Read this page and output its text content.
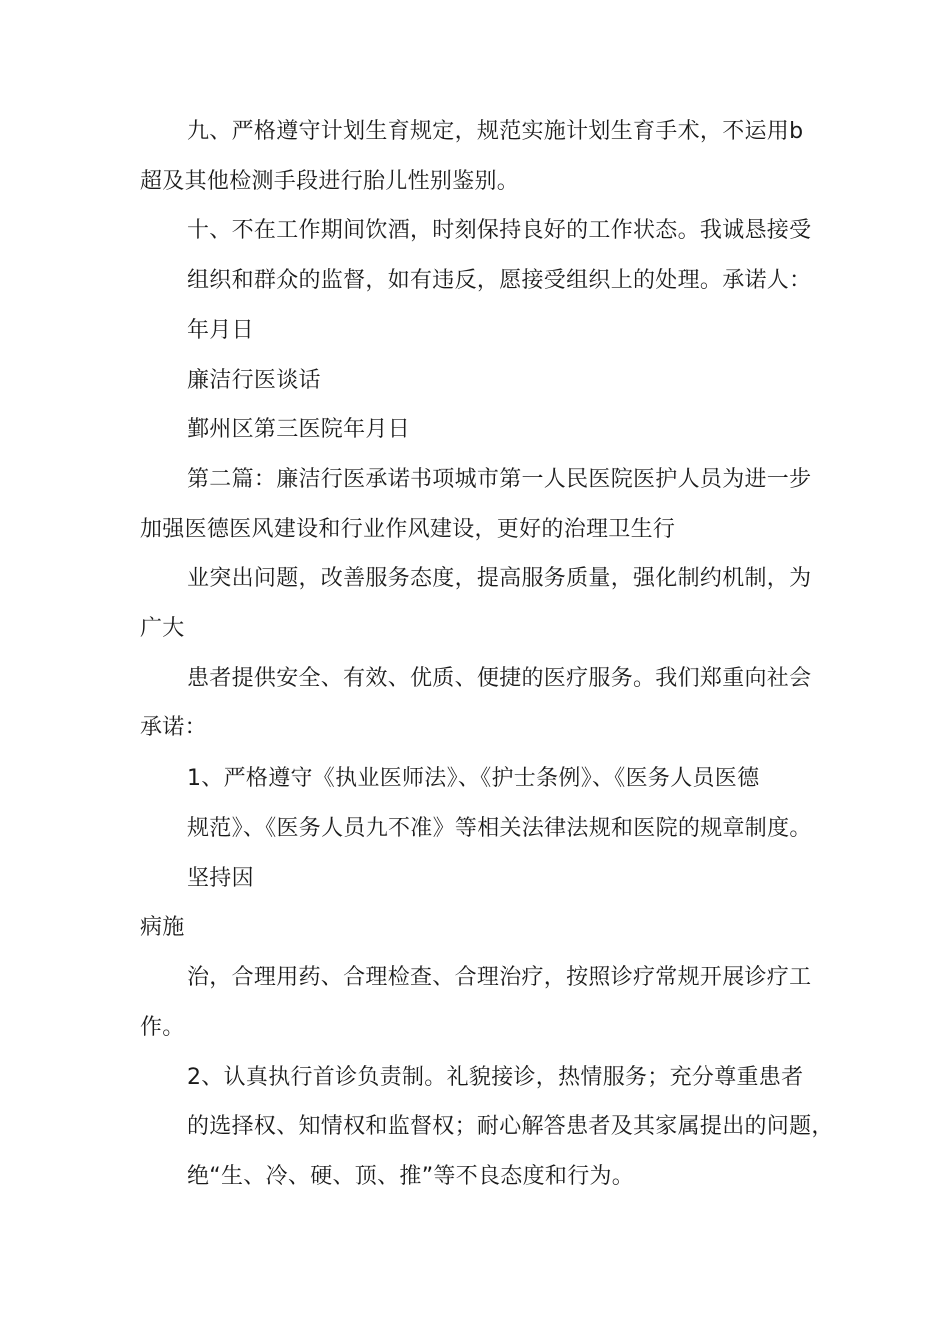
九、严格遵守计划生育规定，规范实施计划生育手术，不运用b
超及其他检测手段进行胎儿性别鉴别。
十、不在工作期间饮酒，时刻保持良好的工作状态。我诚恳接受
组织和群众的监督，如有违反，愿接受组织上的处理。承诺人：
年月日
廉洁行医谈话
鄞州区第三医院年月日
第二篇：廉洁行医承诺书项城市第一人民医院医护人员为进一步
加强医德医风建设和行业作风建设，更好的治理卫生行
业突出问题，改善服务态度，提高服务质量，强化制约机制，为
广大
患者提供安全、有效、优质、便捷的医疗服务。我们郑重向社会
承诺：
1、严格遵守《执业医师法》、《护士条例》、《医务人员医德
规范》、《医务人员九不准》等相关法律法规和医院的规章制度。
坚持因
病施
治，合理用药、合理检查、合理治疗，按照诊疗常规开展诊疗工
作。
2、认真执行首诊负责制。礼貌接诊，热情服务；充分尊重患者
的选择权、知情权和监督权；耐心解答患者及其家属提出的问题，
绝“生、冷、硬、顶、推”等不良态度和行为。
